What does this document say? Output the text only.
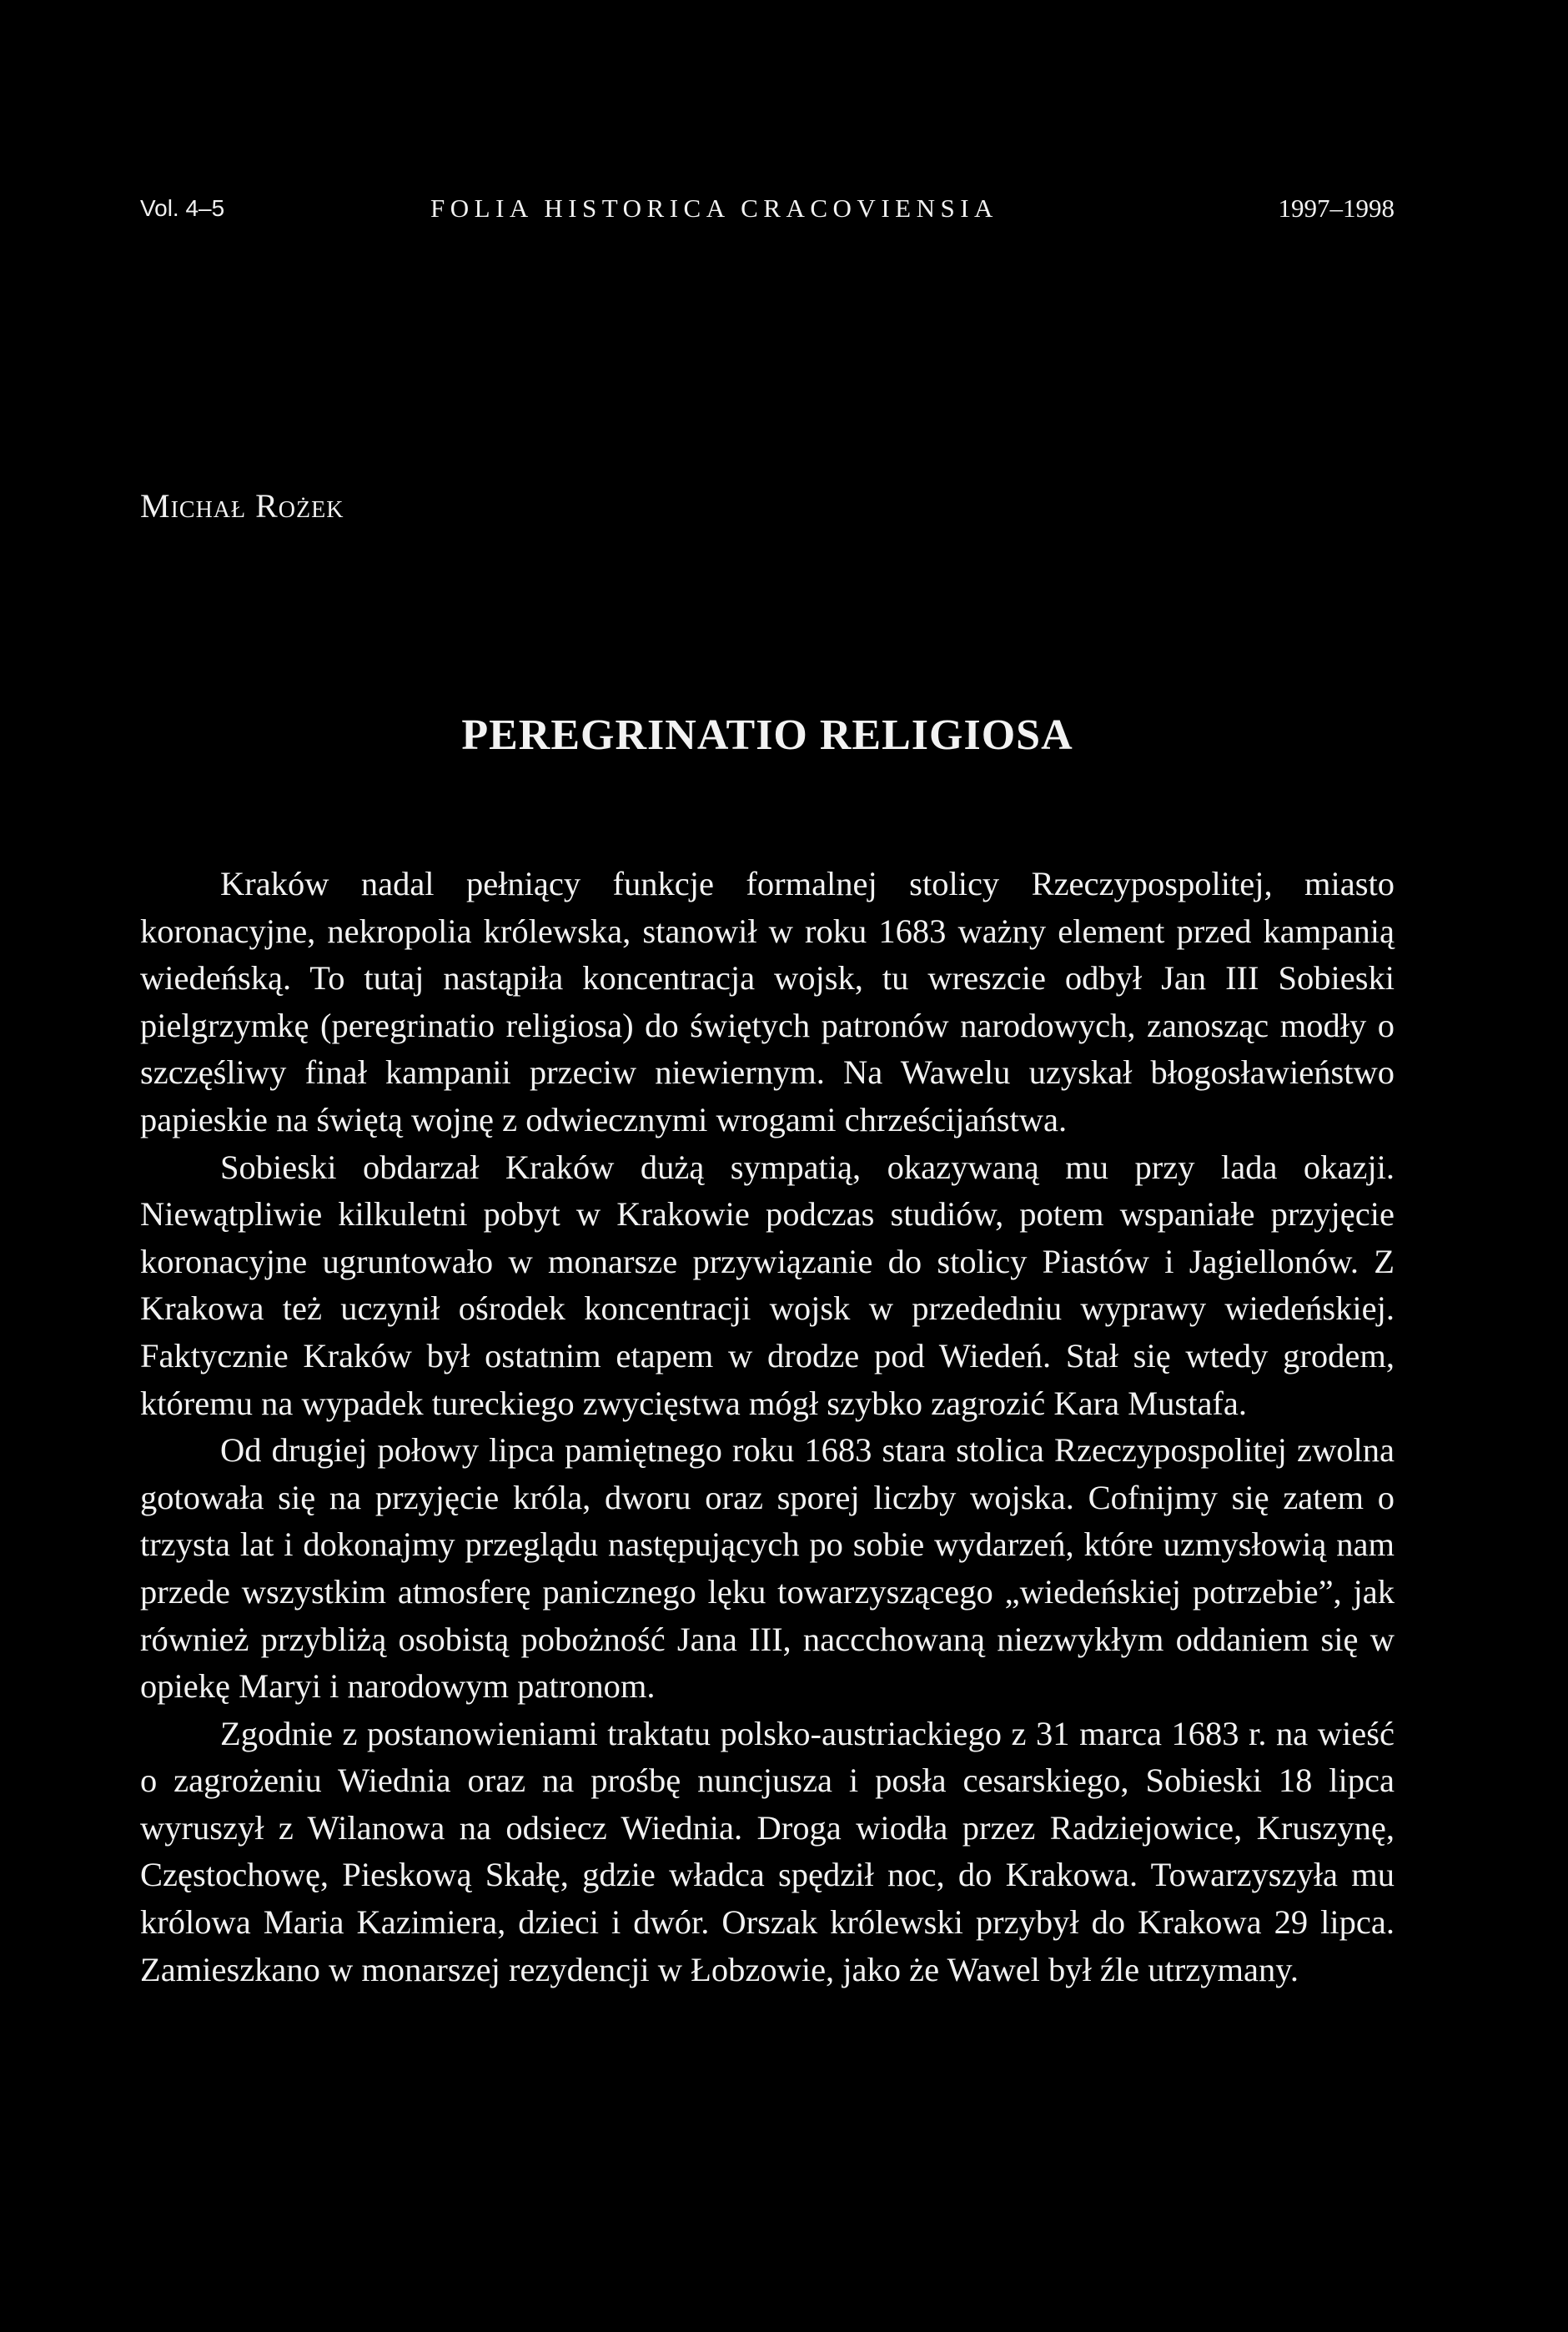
Vol. 4–5	FOLIA HISTORICA CRACOVIENSIA	1997–1998
Michał Rożek
PEREGRINATIO RELIGIOSA

Kraków nadal pełniący funkcje formalnej stolicy Rzeczypospolitej, miasto koronacyjne, nekropolia królewska, stanowił w roku 1683 ważny element przed kampanią wiedeńską. To tutaj nastąpiła koncentracja wojsk, tu wreszcie odbył Jan III Sobieski pielgrzymkę (peregrinatio religiosa) do świętych patronów narodowych, zanosząc modły o szczęśliwy finał kampanii przeciw niewiernym. Na Wawelu uzyskał błogosławieństwo papieskie na świętą wojnę z odwiecznymi wrogami chrześcijaństwa.

Sobieski obdarzał Kraków dużą sympatią, okazywaną mu przy lada okazji. Niewątpliwie kilkuletni pobyt w Krakowie podczas studiów, potem wspaniałe przyjęcie koronacyjne ugruntowało w monarsze przywiązanie do stolicy Piastów i Jagiellonów. Z Krakowa też uczynił ośrodek koncentracji wojsk w przededniu wyprawy wiedeńskiej. Faktycznie Kraków był ostatnim etapem w drodze pod Wiedeń. Stał się wtedy grodem, któremu na wypadek tureckiego zwycięstwa mógł szybko zagrozić Kara Mustafa.

Od drugiej połowy lipca pamiętnego roku 1683 stara stolica Rzeczypospolitej zwolna gotowała się na przyjęcie króla, dworu oraz sporej liczby wojska. Cofnijmy się zatem o trzysta lat i dokonajmy przeglądu następujących po sobie wydarzeń, które uzmysłowią nam przede wszystkim atmosferę panicznego lęku towarzyszącego „wiedeńskiej potrzebie”, jak również przybliżą osobistą pobożność Jana III, naccchowaną niezwykłym oddaniem się w opiekę Maryi i narodowym patronom.

Zgodnie z postanowieniami traktatu polsko-austriackiego z 31 marca 1683 r. na wieść o zagrożeniu Wiednia oraz na prośbę nuncjusza i posła cesarskiego, Sobieski 18 lipca wyruszył z Wilanowa na odsiecz Wiednia. Droga wiodła przez Radziejowice, Kruszynę, Częstochowę, Pieskową Skałę, gdzie władca spędził noc, do Krakowa. Towarzyszyła mu królowa Maria Kazimiera, dzieci i dwór. Orszak królewski przybył do Krakowa 29 lipca. Zamieszkano w monarszej rezydencji w Łobzowie, jako że Wawel był źle utrzymany.
